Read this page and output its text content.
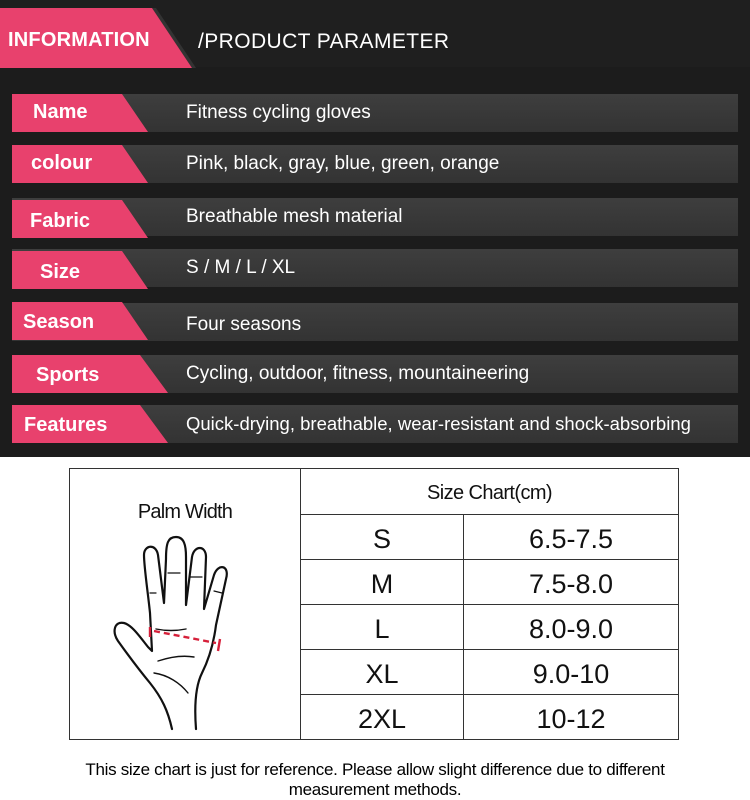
INFORMATION /PRODUCT PARAMETER
Name	Fitness cycling gloves
colour	Pink, black, gray, blue, green, orange
Fabric	Breathable mesh material
Size	S / M / L / XL
Season	Four seasons
Sports	Cycling, outdoor, fitness, mountaineering
Features	Quick-drying, breathable, wear-resistant and shock-absorbing
Palm Width
Size Chart(cm)
S	6.5-7.5
M	7.5-8.0
L	8.0-9.0
XL	9.0-10
2XL	10-12
This size chart is just for reference. Please allow slight difference due to different measurement methods.
